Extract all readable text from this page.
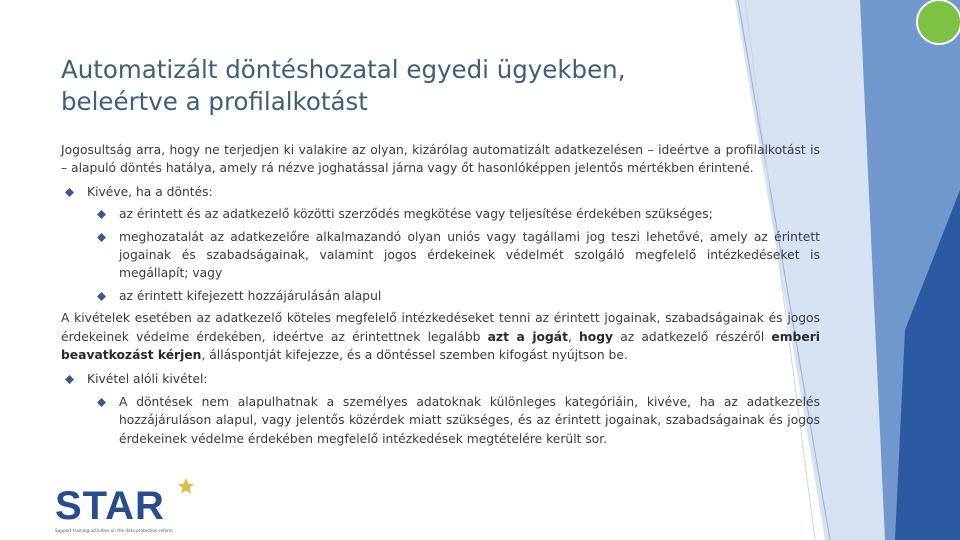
Automatizált döntéshozatal egyedi ügyekben,
beleértve a profilalkotást

Jogosultság arra, hogy ne terjedjen ki valakire az olyan, kizárólag automatizált adatkezelésen – ideértve a profilalkotást is – alapuló döntés hatálya, amely rá nézve joghatással járna vagy őt hasonlóképpen jelentős mértékben érintené.

Kivéve, ha a döntés:
az érintett és az adatkezelő közötti szerződés megkötése vagy teljesítése érdekében szükséges;
meghozatalát az adatkezelőre alkalmazandó olyan uniós vagy tagállami jog teszi lehetővé, amely az érintett jogainak és szabadságainak, valamint jogos érdekeinek védelmét szolgáló megfelelő intézkedéseket is megállapít; vagy
az érintett kifejezett hozzájárulásán alapul

A kivételek esetében az adatkezelő köteles megfelelő intézkedéseket tenni az érintett jogainak, szabadságainak és jogos érdekeinek védelme érdekében, ideértve az érintettnek legalább azt a jogát, hogy az adatkezelő részéről emberi beavatkozást kérjen, álláspontját kifejezze, és a döntéssel szemben kifogást nyújtson be.

Kivétel alóli kivétel:
A döntések nem alapulhatnak a személyes adatoknak különleges kategóriáin, kivéve, ha az adatkezelés hozzájáruláson alapul, vagy jelentős közérdek miatt szükséges, és az érintett jogainak, szabadságainak és jogos érdekeinek védelme érdekében megfelelő intézkedések megtételére került sor.
STAR
Support training activities on the data protection reform
